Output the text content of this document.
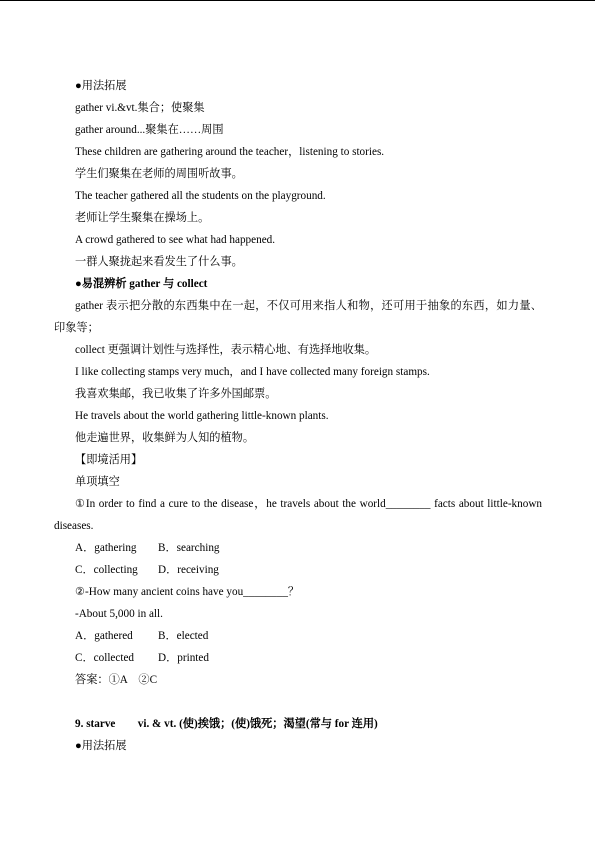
●用法拓展
gather vi.&vt.集合；使聚集
gather around...聚集在……周围
These children are gathering around the teacher，listening to stories.
学生们聚集在老师的周围听故事。
The teacher gathered all the students on the playground.
老师让学生聚集在操场上。
A crowd gathered to see what had happened.
一群人聚拢起来看发生了什么事。
●易混辨析 gather 与 collect
gather 表示把分散的东西集中在一起，不仅可用来指人和物，还可用于抽象的东西，如力量、印象等；
collect 更强调计划性与选择性，表示精心地、有选择地收集。
I like collecting stamps very much，and I have collected many foreign stamps.
我喜欢集邮，我已收集了许多外国邮票。
He travels about the world gathering little-known plants.
他走遍世界，收集鲜为人知的植物。
【即境活用】
单项填空
①In order to find a cure to the disease，he travels about the world________ facts about little-known diseases.
A．gathering B．searching
C．collecting D．receiving
②-How many ancient coins have you________？
-About 5,000 in all.
A．gathered B．elected
C．collected D．printed
答案：①A　②C
9. starve　　vi. & vt. (使)挨饿；(使)饿死；渴望(常与 for 连用)
●用法拓展
